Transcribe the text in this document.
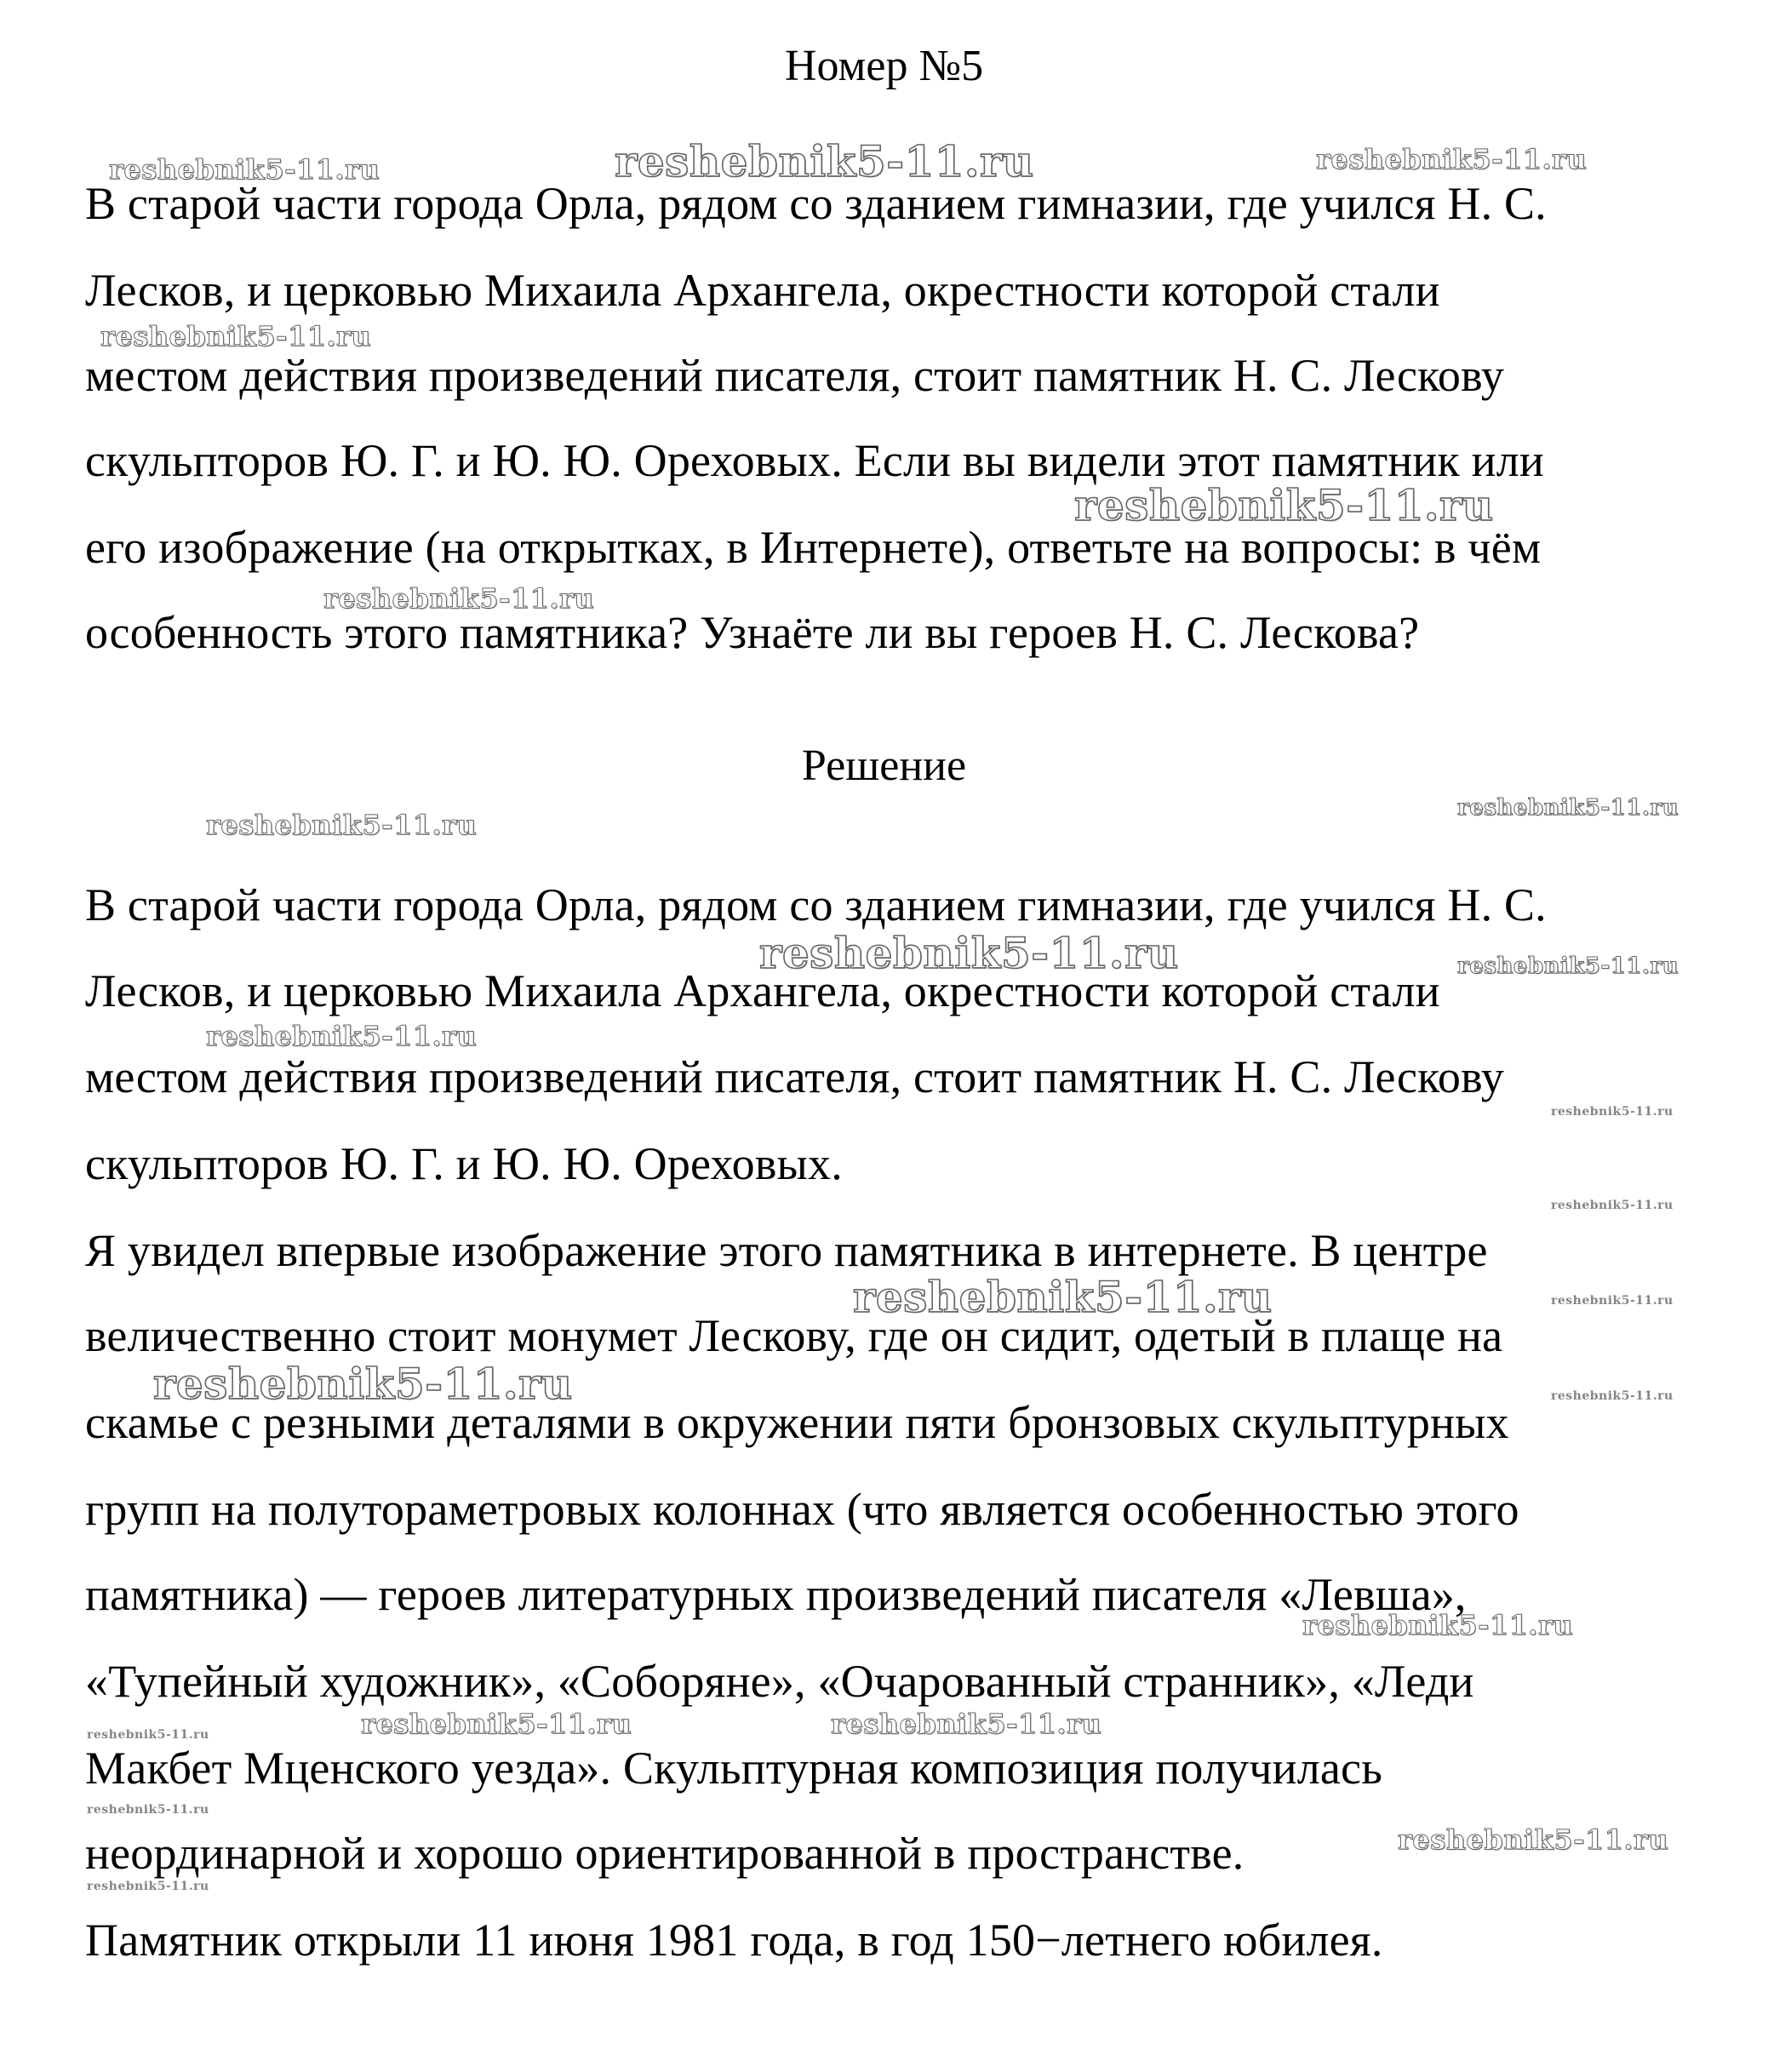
Номер №5
В старой части города Орла, рядом со зданием гимназии, где учился Н. С.
Лесков, и церковью Михаила Архангела, окрестности которой стали
местом действия произведений писателя, стоит памятник Н. С. Лескову
скульпторов Ю. Г. и Ю. Ю. Ореховых. Если вы видели этот памятник или
его изображение (на открытках, в Интернете), ответьте на вопросы: в чём
особенность этого памятника? Узнаёте ли вы героев Н. С. Лескова?
Решение
В старой части города Орла, рядом со зданием гимназии, где учился Н. С.
Лесков, и церковью Михаила Архангела, окрестности которой стали
местом действия произведений писателя, стоит памятник Н. С. Лескову
скульпторов Ю. Г. и Ю. Ю. Ореховых.
Я увидел впервые изображение этого памятника в интернете. В центре
величественно стоит монумет Лескову, где он сидит, одетый в плаще на
скамье с резными деталями в окружении пяти бронзовых скульптурных
групп на полутораметровых колоннах (что является особенностью этого
памятника) — героев литературных произведений писателя «Левша»,
«Тупейный художник», «Соборяне», «Очарованный странник», «Леди
Макбет Мценского уезда». Скульптурная композиция получилась
неординарной и хорошо ориентированной в пространстве.
Памятник открыли 11 июня 1981 года, в год 150−летнего юбилея.
reshebnik5-11.ru	reshebnik5-11.ru	reshebnik5-11.ru
reshebnik5-11.ru
reshebnik5-11.ru
reshebnik5-11.ru
reshebnik5-11.ru
reshebnik5-11.ru
reshebnik5-11.ru	reshebnik5-11.ru
reshebnik5-11.ru
reshebnik5-11.ru
reshebnik5-11.ru
reshebnik5-11.ru	reshebnik5-11.ru
reshebnik5-11.ru	reshebnik5-11.ru
reshebnik5-11.ru
reshebnik5-11.ru	reshebnik5-11.ru	reshebnik5-11.ru
reshebnik5-11.ru
reshebnik5-11.ru
reshebnik5-11.ru
